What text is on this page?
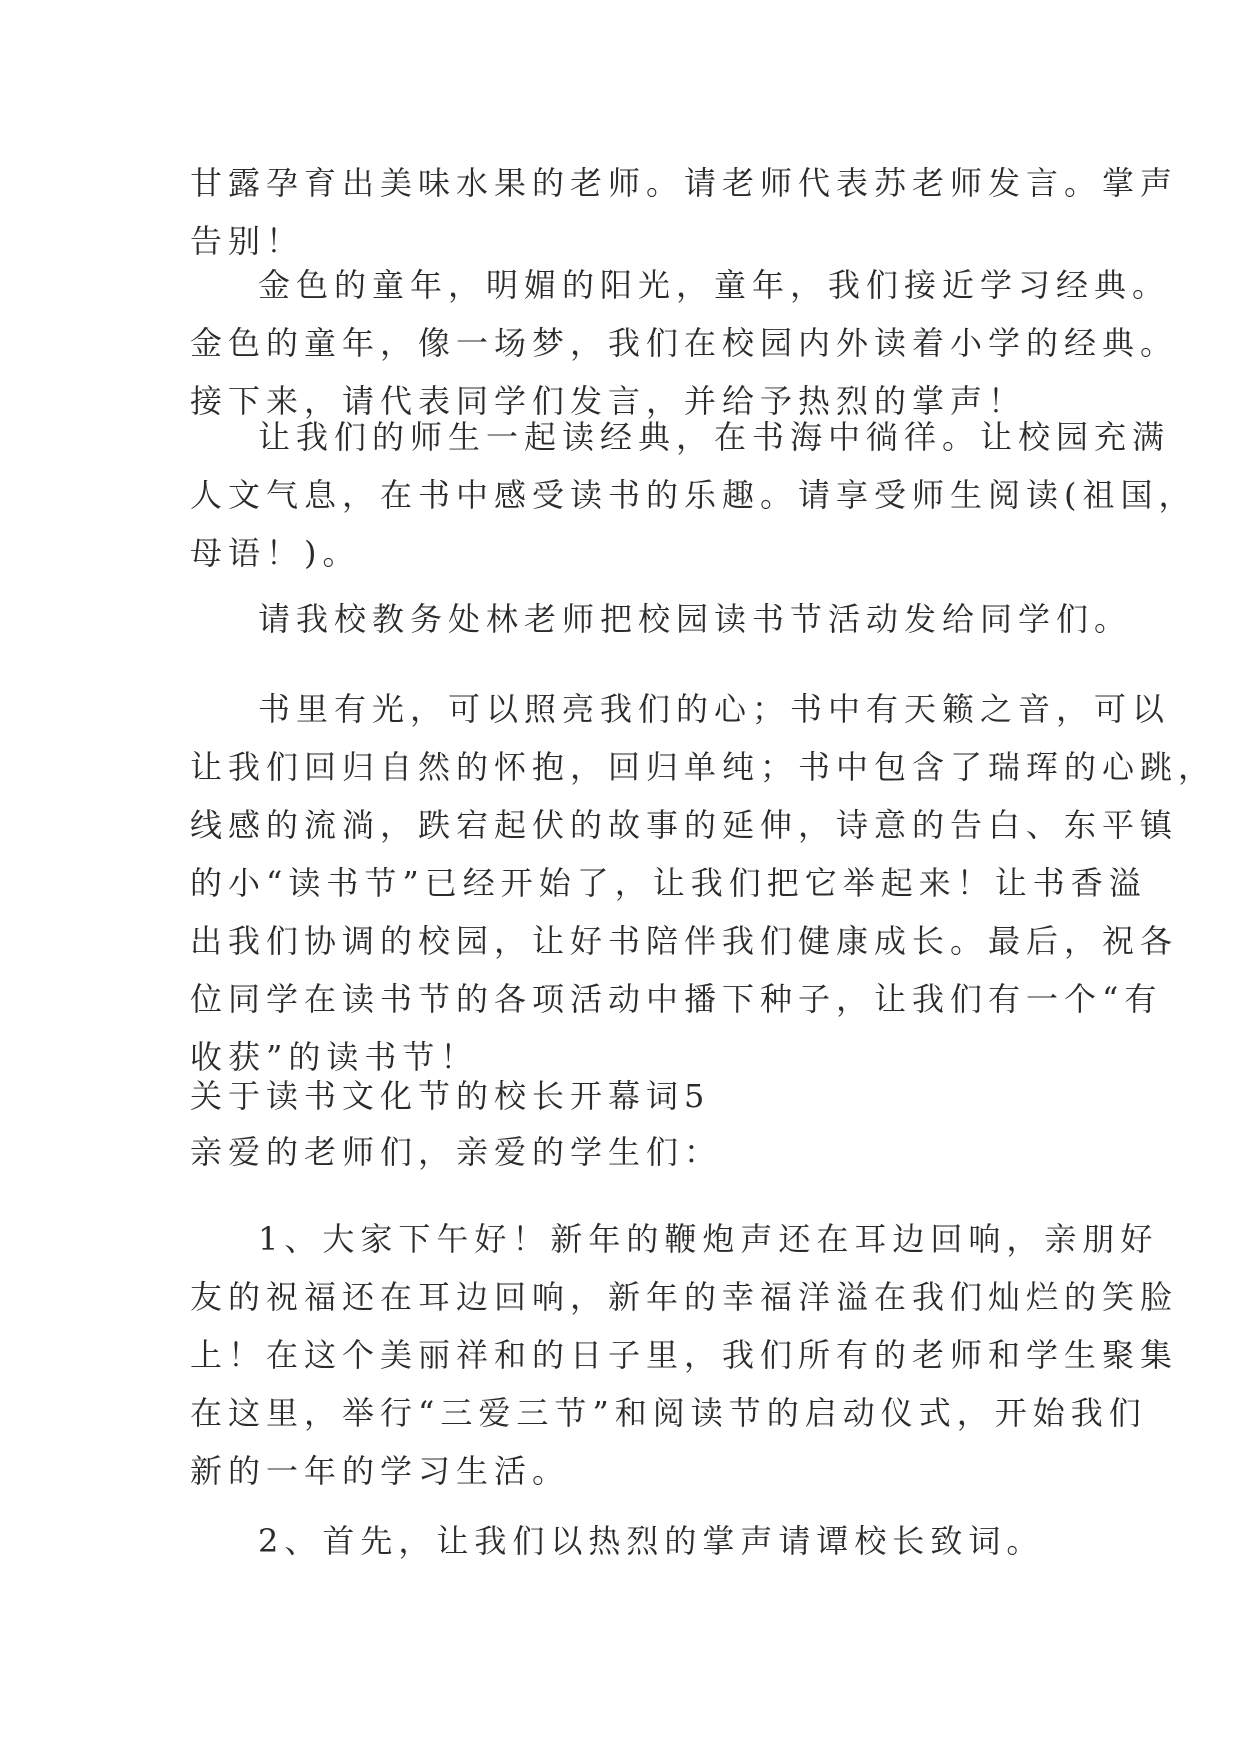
甘露孕育出美味水果的老师。请老师代表苏老师发言。掌声
告别！
金色的童年，明媚的阳光，童年，我们接近学习经典。
金色的童年，像一场梦，我们在校园内外读着小学的经典。
接下来，请代表同学们发言，并给予热烈的掌声！
让我们的师生一起读经典，在书海中徜徉。让校园充满
人文气息，在书中感受读书的乐趣。请享受师生阅读(祖国，
母语！)。
请我校教务处林老师把校园读书节活动发给同学们。
书里有光，可以照亮我们的心；书中有天籁之音，可以
让我们回归自然的怀抱，回归单纯；书中包含了瑞珲的心跳，
线感的流淌，跌宕起伏的故事的延伸，诗意的告白、东平镇
的小“读书节”已经开始了，让我们把它举起来！让书香溢
出我们协调的校园，让好书陪伴我们健康成长。最后，祝各
位同学在读书节的各项活动中播下种子，让我们有一个“有
收获”的读书节！
关于读书文化节的校长开幕词5
亲爱的老师们，亲爱的学生们：
1、大家下午好！新年的鞭炮声还在耳边回响，亲朋好
友的祝福还在耳边回响，新年的幸福洋溢在我们灿烂的笑脸
上！在这个美丽祥和的日子里，我们所有的老师和学生聚集
在这里，举行“三爱三节”和阅读节的启动仪式，开始我们
新的一年的学习生活。
2、首先，让我们以热烈的掌声请谭校长致词。
